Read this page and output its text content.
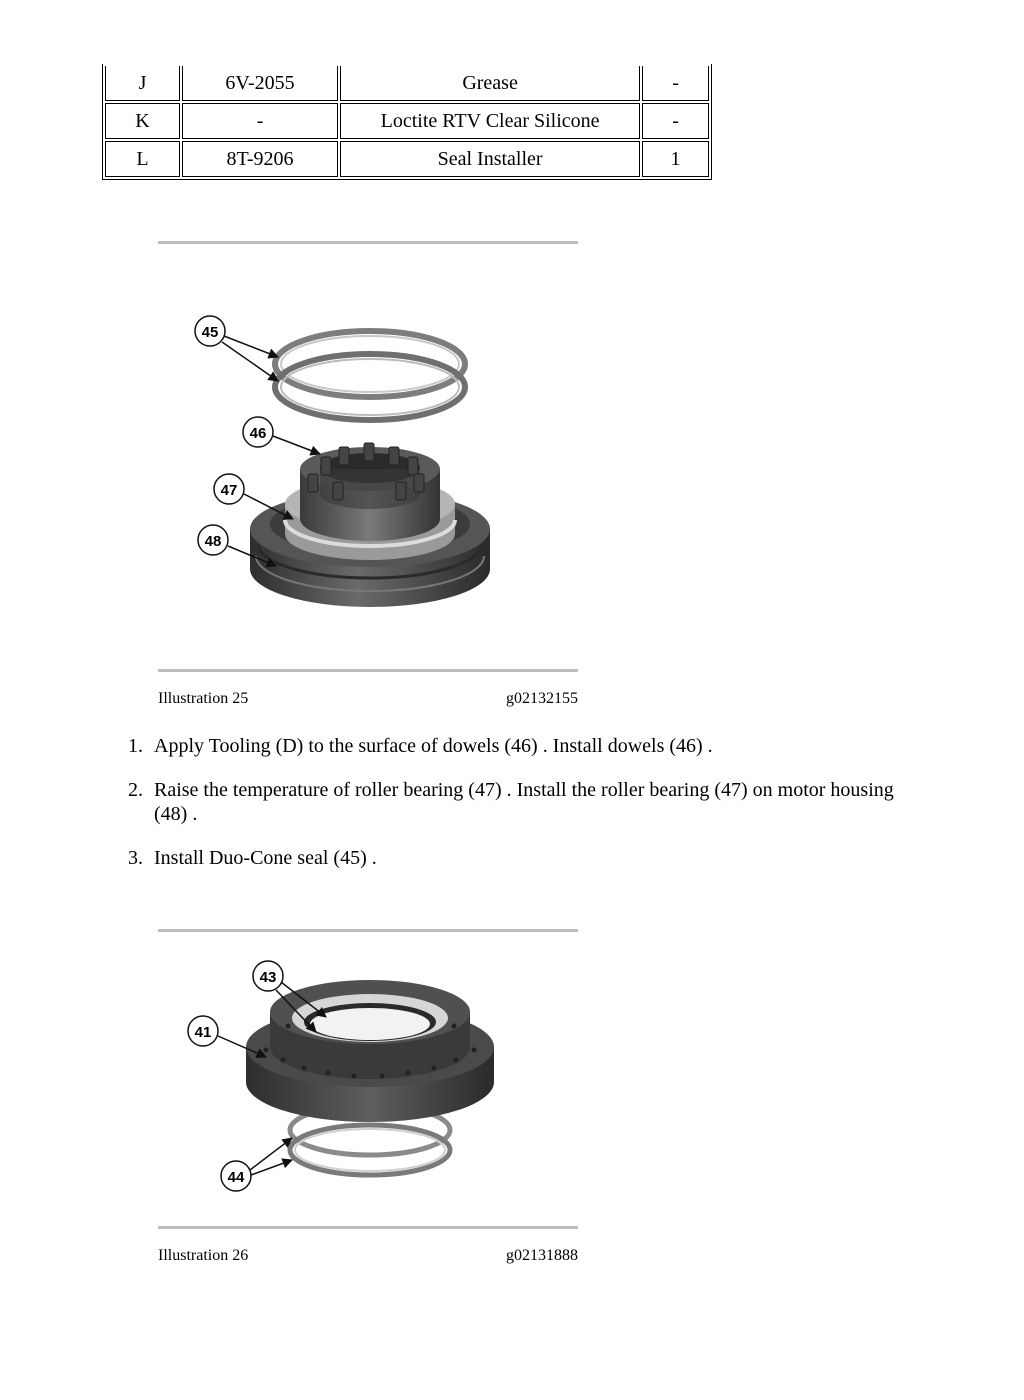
J	6V-2055	Grease	-
K	-	Loctite RTV Clear Silicone	-
L	8T-9206	Seal Installer	1
45
46
47
48
Illustration 25	g02132155
1. Apply Tooling (D) to the surface of dowels (46) . Install dowels (46) .
2. Raise the temperature of roller bearing (47) . Install the roller bearing (47) on motor housing (48) .
3. Install Duo-Cone seal (45) .
43
41
44
Illustration 26	g02131888
